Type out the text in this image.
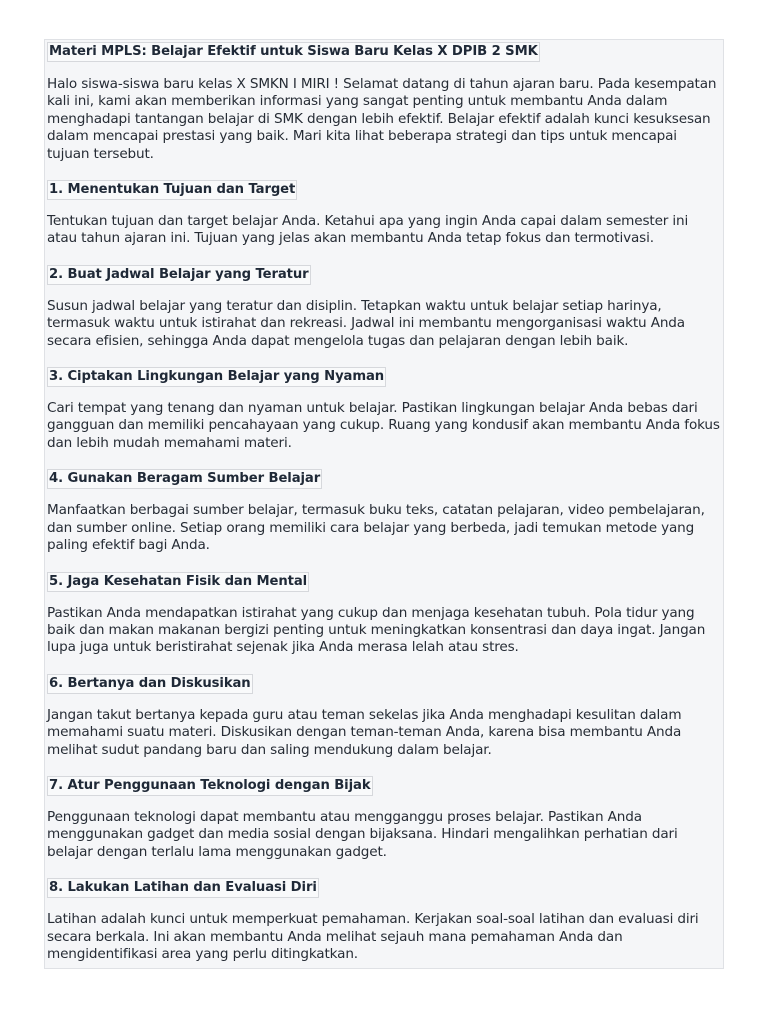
Materi MPLS: Belajar Efektif untuk Siswa Baru Kelas X DPIB 2 SMK

Halo siswa-siswa baru kelas X SMKN I MIRI ! Selamat datang di tahun ajaran baru. Pada kesempatan kali ini, kami akan memberikan informasi yang sangat penting untuk membantu Anda dalam menghadapi tantangan belajar di SMK dengan lebih efektif. Belajar efektif adalah kunci kesuksesan dalam mencapai prestasi yang baik. Mari kita lihat beberapa strategi dan tips untuk mencapai tujuan tersebut.

1. Menentukan Tujuan dan Target

Tentukan tujuan dan target belajar Anda. Ketahui apa yang ingin Anda capai dalam semester ini atau tahun ajaran ini. Tujuan yang jelas akan membantu Anda tetap fokus dan termotivasi.

2. Buat Jadwal Belajar yang Teratur

Susun jadwal belajar yang teratur dan disiplin. Tetapkan waktu untuk belajar setiap harinya, termasuk waktu untuk istirahat dan rekreasi. Jadwal ini membantu mengorganisasi waktu Anda secara efisien, sehingga Anda dapat mengelola tugas dan pelajaran dengan lebih baik.

3. Ciptakan Lingkungan Belajar yang Nyaman

Cari tempat yang tenang dan nyaman untuk belajar. Pastikan lingkungan belajar Anda bebas dari gangguan dan memiliki pencahayaan yang cukup. Ruang yang kondusif akan membantu Anda fokus dan lebih mudah memahami materi.

4. Gunakan Beragam Sumber Belajar

Manfaatkan berbagai sumber belajar, termasuk buku teks, catatan pelajaran, video pembelajaran, dan sumber online. Setiap orang memiliki cara belajar yang berbeda, jadi temukan metode yang paling efektif bagi Anda.

5. Jaga Kesehatan Fisik dan Mental

Pastikan Anda mendapatkan istirahat yang cukup dan menjaga kesehatan tubuh. Pola tidur yang baik dan makan makanan bergizi penting untuk meningkatkan konsentrasi dan daya ingat. Jangan lupa juga untuk beristirahat sejenak jika Anda merasa lelah atau stres.

6. Bertanya dan Diskusikan

Jangan takut bertanya kepada guru atau teman sekelas jika Anda menghadapi kesulitan dalam memahami suatu materi. Diskusikan dengan teman-teman Anda, karena bisa membantu Anda melihat sudut pandang baru dan saling mendukung dalam belajar.

7. Atur Penggunaan Teknologi dengan Bijak

Penggunaan teknologi dapat membantu atau mengganggu proses belajar. Pastikan Anda menggunakan gadget dan media sosial dengan bijaksana. Hindari mengalihkan perhatian dari belajar dengan terlalu lama menggunakan gadget.

8. Lakukan Latihan dan Evaluasi Diri

Latihan adalah kunci untuk memperkuat pemahaman. Kerjakan soal-soal latihan dan evaluasi diri secara berkala. Ini akan membantu Anda melihat sejauh mana pemahaman Anda dan mengidentifikasi area yang perlu ditingkatkan.
